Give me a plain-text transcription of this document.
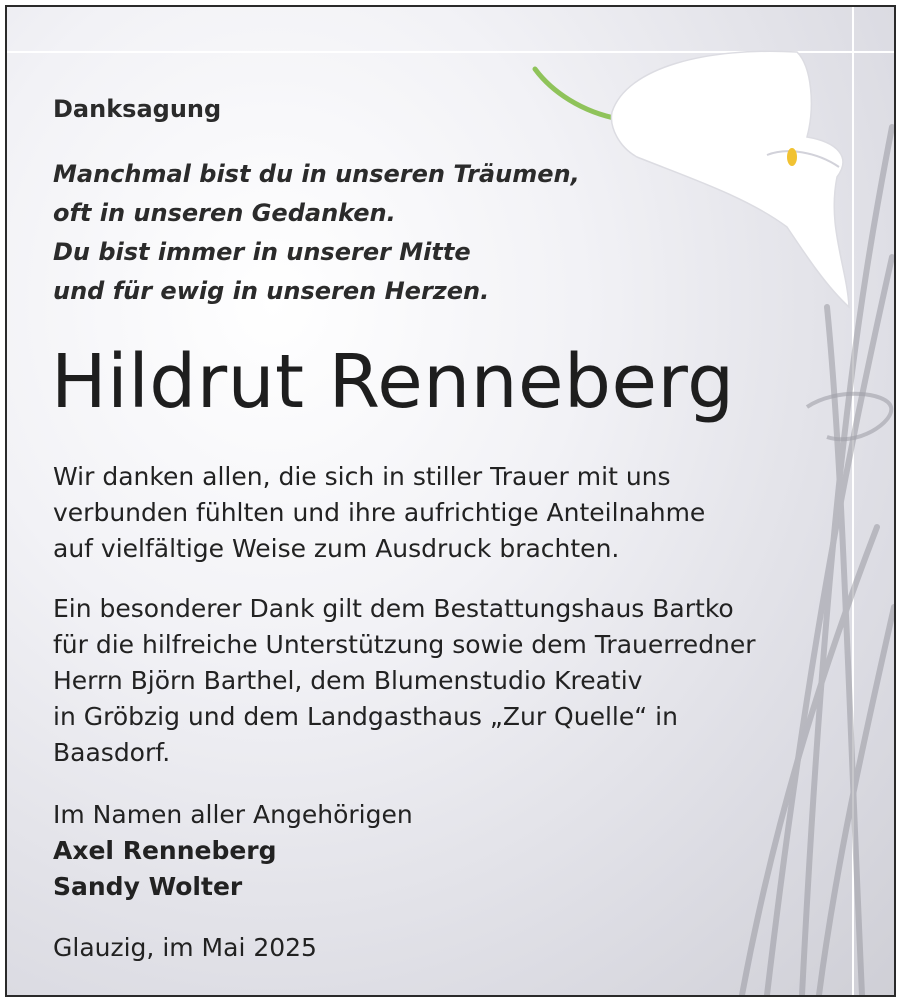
Danksagung
Manchmal bist du in unseren Träumen,
oft in unseren Gedanken.
Du bist immer in unserer Mitte
und für ewig in unseren Herzen.
Hildrut Renneberg
Wir danken allen, die sich in stiller Trauer mit uns
verbunden fühlten und ihre aufrichtige Anteilnahme
auf vielfältige Weise zum Ausdruck brachten.
Ein besonderer Dank gilt dem Bestattungshaus Bartko
für die hilfreiche Unterstützung sowie dem Trauerredner
Herrn Björn Barthel, dem Blumenstudio Kreativ
in Gröbzig und dem Landgasthaus „Zur Quelle“ in
Baasdorf.
Im Namen aller Angehörigen
Axel Renneberg
Sandy Wolter
Glauzig, im Mai 2025
